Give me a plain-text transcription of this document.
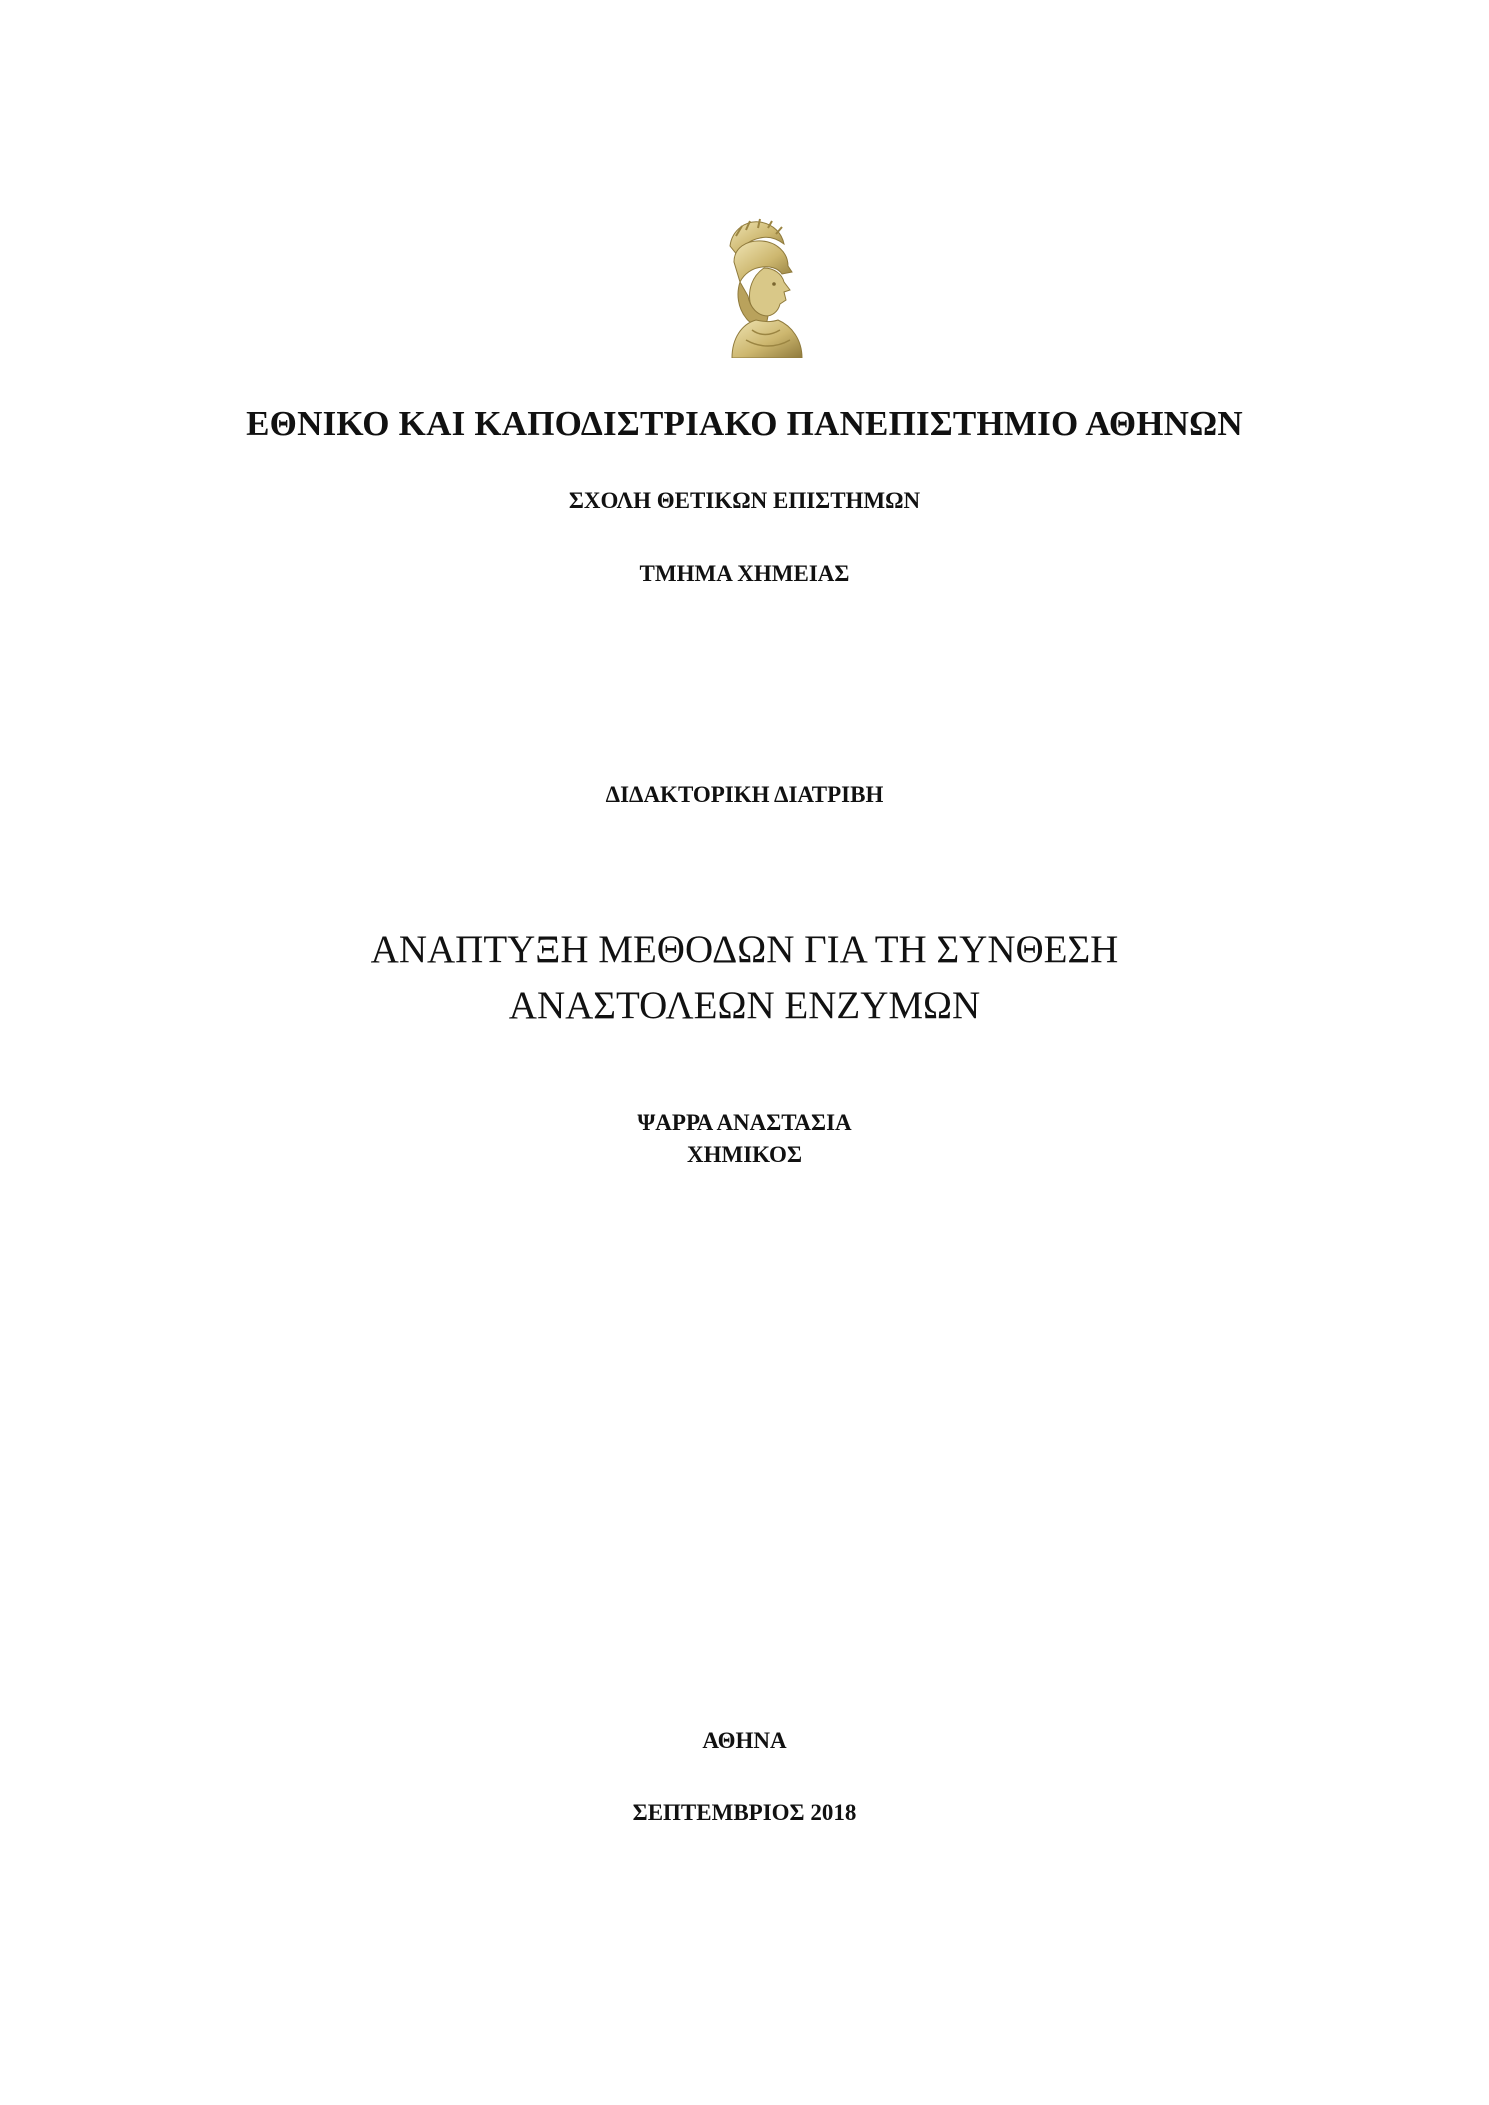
ΕΘΝΙΚΟ ΚΑΙ ΚΑΠΟΔΙΣΤΡΙΑΚΟ ΠΑΝΕΠΙΣΤΗΜΙΟ ΑΘΗΝΩΝ
ΣΧΟΛΗ ΘΕΤΙΚΩΝ ΕΠΙΣΤΗΜΩΝ
ΤΜΗΜΑ ΧΗΜΕΙΑΣ
ΔΙΔΑΚΤΟΡΙΚΗ ΔΙΑΤΡΙΒΗ
ΑΝΑΠΤΥΞΗ ΜΕΘΟΔΩΝ ΓΙΑ ΤΗ ΣΥΝΘΕΣΗ
ΑΝΑΣΤΟΛΕΩΝ ΕΝΖΥΜΩΝ
ΨΑΡΡΑ ΑΝΑΣΤΑΣΙΑ
ΧΗΜΙΚΟΣ
ΑΘΗΝΑ
ΣΕΠΤΕΜΒΡΙΟΣ 2018
